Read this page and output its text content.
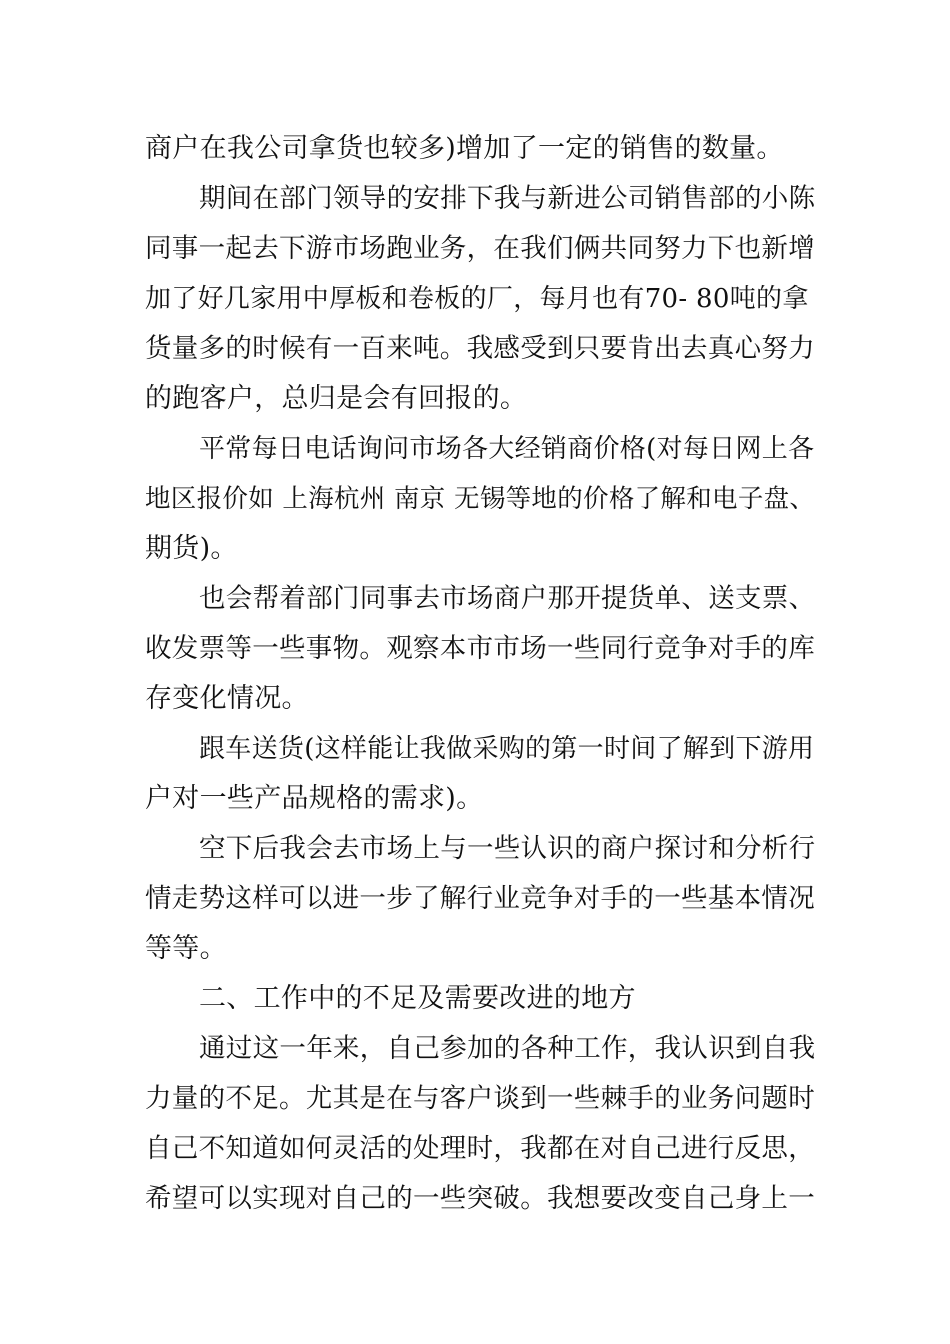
商户在我公司拿货也较多)增加了一定的销售的数量。
期间在部门领导的安排下我与新进公司销售部的小陈
同事一起去下游市场跑业务，在我们俩共同努力下也新增
加了好几家用中厚板和卷板的厂，每月也有70- 80吨的拿
货量多的时候有一百来吨。我感受到只要肯出去真心努力
的跑客户，总归是会有回报的。
平常每日电话询问市场各大经销商价格(对每日网上各
地区报价如 上海杭州 南京 无锡等地的价格了解和电子盘、
期货)。
也会帮着部门同事去市场商户那开提货单、送支票、
收发票等一些事物。观察本市市场一些同行竞争对手的库
存变化情况。
跟车送货(这样能让我做采购的第一时间了解到下游用
户对一些产品规格的需求)。
空下后我会去市场上与一些认识的商户探讨和分析行
情走势这样可以进一步了解行业竞争对手的一些基本情况
等等。
二、工作中的不足及需要改进的地方
通过这一年来，自己参加的各种工作，我认识到自我
力量的不足。尤其是在与客户谈到一些棘手的业务问题时
自己不知道如何灵活的处理时，我都在对自己进行反思，
希望可以实现对自己的一些突破。我想要改变自己身上一
